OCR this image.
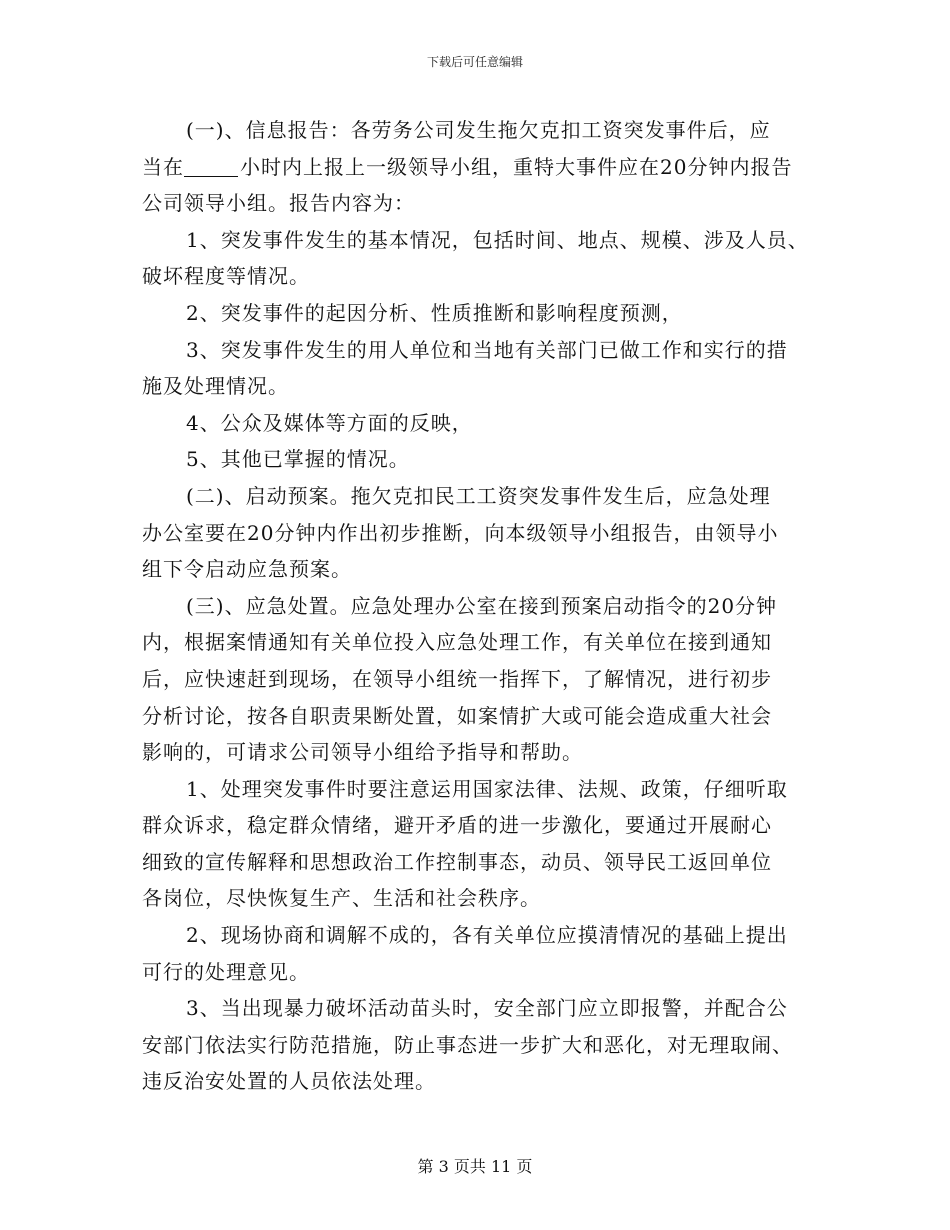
下载后可任意编辑
(一)、信息报告：各劳务公司发生拖欠克扣工资突发事件后，应
当在	小时内上报上一级领导小组，重特大事件应在20分钟内报告
公司领导小组。报告内容为：
1、突发事件发生的基本情况，包括时间、地点、规模、涉及人员、
破坏程度等情况。
2、突发事件的起因分析、性质推断和影响程度预测，
3、突发事件发生的用人单位和当地有关部门已做工作和实行的措
施及处理情况。
4、公众及媒体等方面的反映，
5、其他已掌握的情况。
(二)、启动预案。拖欠克扣民工工资突发事件发生后，应急处理
办公室要在20分钟内作出初步推断，向本级领导小组报告，由领导小
组下令启动应急预案。
(三)、应急处置。应急处理办公室在接到预案启动指令的20分钟
内，根据案情通知有关单位投入应急处理工作，有关单位在接到通知
后，应快速赶到现场，在领导小组统一指挥下，了解情况，进行初步
分析讨论，按各自职责果断处置，如案情扩大或可能会造成重大社会
影响的，可请求公司领导小组给予指导和帮助。
1、处理突发事件时要注意运用国家法律、法规、政策，仔细听取
群众诉求，稳定群众情绪，避开矛盾的进一步激化，要通过开展耐心
细致的宣传解释和思想政治工作控制事态，动员、领导民工返回单位
各岗位，尽快恢复生产、生活和社会秩序。
2、现场协商和调解不成的，各有关单位应摸清情况的基础上提出
可行的处理意见。
3、当出现暴力破坏活动苗头时，安全部门应立即报警，并配合公
安部门依法实行防范措施，防止事态进一步扩大和恶化，对无理取闹、
违反治安处置的人员依法处理。
第 3 页共 11 页
